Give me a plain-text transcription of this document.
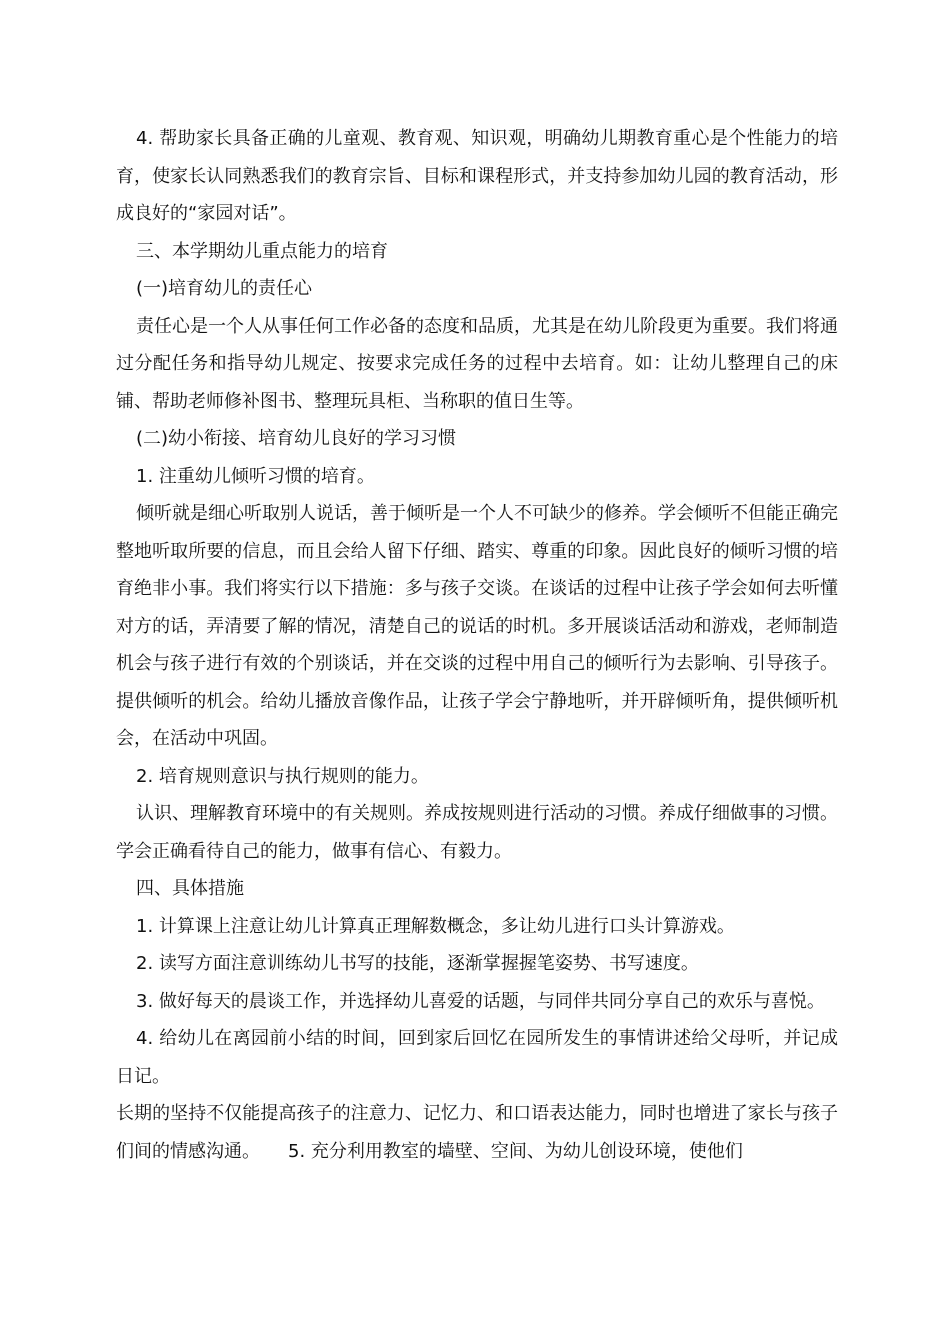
4. 帮助家长具备正确的儿童观、教育观、知识观，明确幼儿期教育重心是个性能力的培育，使家长认同熟悉我们的教育宗旨、目标和课程形式，并支持参加幼儿园的教育活动，形成良好的“家园对话”。

三、本学期幼儿重点能力的培育

(一)培育幼儿的责任心

责任心是一个人从事任何工作必备的态度和品质，尤其是在幼儿阶段更为重要。我们将通过分配任务和指导幼儿规定、按要求完成任务的过程中去培育。如：让幼儿整理自己的床铺、帮助老师修补图书、整理玩具柜、当称职的值日生等。

(二)幼小衔接、培育幼儿良好的学习习惯

1. 注重幼儿倾听习惯的培育。

倾听就是细心听取别人说话，善于倾听是一个人不可缺少的修养。学会倾听不但能正确完整地听取所要的信息，而且会给人留下仔细、踏实、尊重的印象。因此良好的倾听习惯的培育绝非小事。我们将实行以下措施：多与孩子交谈。在谈话的过程中让孩子学会如何去听懂对方的话，弄清要了解的情况，清楚自己的说话的时机。多开展谈话活动和游戏，老师制造机会与孩子进行有效的个别谈话，并在交谈的过程中用自己的倾听行为去影响、引导孩子。提供倾听的机会。给幼儿播放音像作品，让孩子学会宁静地听，并开辟倾听角，提供倾听机会，在活动中巩固。

2. 培育规则意识与执行规则的能力。

认识、理解教育环境中的有关规则。养成按规则进行活动的习惯。养成仔细做事的习惯。学会正确看待自己的能力，做事有信心、有毅力。

四、具体措施

1. 计算课上注意让幼儿计算真正理解数概念，多让幼儿进行口头计算游戏。

2. 读写方面注意训练幼儿书写的技能，逐渐掌握握笔姿势、书写速度。

3. 做好每天的晨谈工作，并选择幼儿喜爱的话题，与同伴共同分享自己的欢乐与喜悦。

4. 给幼儿在离园前小结的时间，回到家后回忆在园所发生的事情讲述给父母听，并记成日记。

长期的坚持不仅能提高孩子的注意力、记忆力、和口语表达能力，同时也增进了家长与孩子们间的情感沟通。 5. 充分利用教室的墙壁、空间、为幼儿创设环境，使他们
